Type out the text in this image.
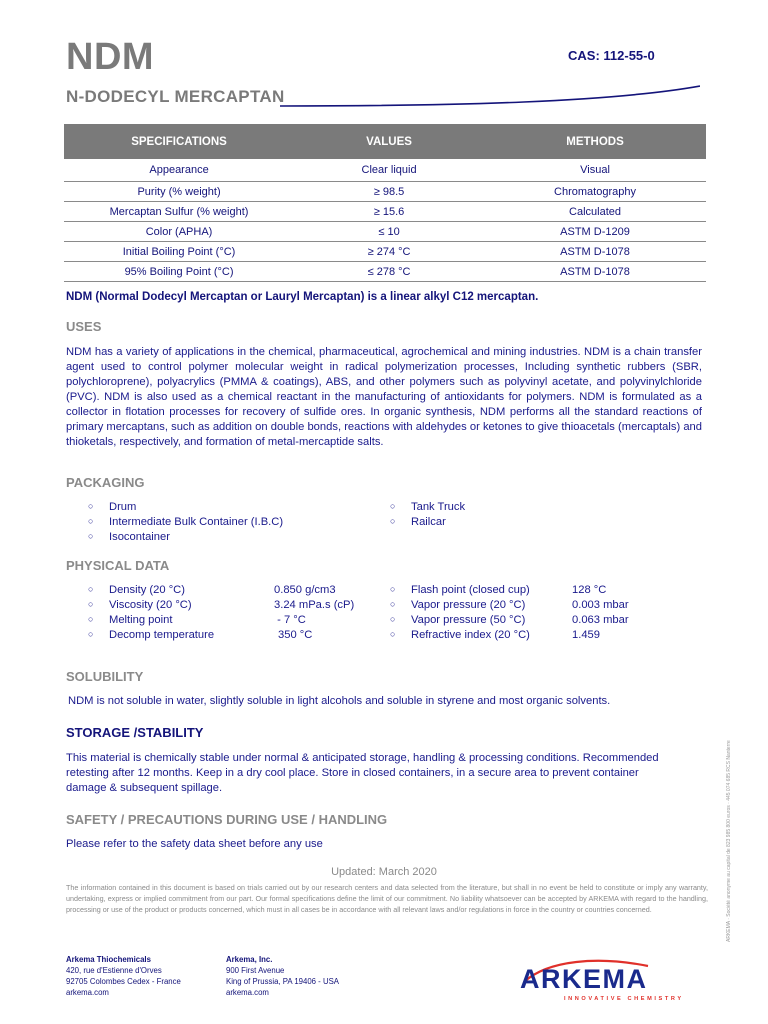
NDM	CAS: 112-55-0
N-DODECYL MERCAPTAN
SPECIFICATIONS	VALUES	METHODS
Appearance	Clear liquid	Visual
Purity (% weight)	≥ 98.5	Chromatography
Mercaptan Sulfur (% weight)	≥ 15.6	Calculated
Color (APHA)	≤ 10	ASTM D-1209
Initial Boiling Point (°C)	≥ 274 °C	ASTM D-1078
95% Boiling Point (°C)	≤ 278 °C	ASTM D-1078
NDM (Normal Dodecyl Mercaptan or Lauryl Mercaptan) is a linear alkyl C12 mercaptan.
USES
NDM has a variety of applications in the chemical, pharmaceutical, agrochemical and mining industries. NDM is a chain transfer agent used to control polymer molecular weight in radical polymerization processes, Including synthetic rubbers (SBR, polychloroprene), polyacrylics (PMMA & coatings), ABS, and other polymers such as polyvinyl acetate, and polyvinylchloride (PVC). NDM is also used as a chemical reactant in the manufacturing of antioxidants for polymers. NDM is formulated as a collector in flotation processes for recovery of sulfide ores. In organic synthesis, NDM performs all the standard reactions of primary mercaptans, such as addition on double bonds, reactions with aldehydes or ketones to give thioacetals (mercaptals) and thioketals, respectively, and formation of metal-mercaptide salts.
PACKAGING
○ Drum
○ Intermediate Bulk Container (I.B.C)
○ Isocontainer
○ Tank Truck
○ Railcar
PHYSICAL DATA
○ Density (20 °C)	0.850 g/cm3
○ Viscosity (20 °C)	3.24 mPa.s (cP)
○ Melting point	- 7 °C
○ Decomp temperature	350 °C
○ Flash point (closed cup)	128 °C
○ Vapor pressure (20 °C)	0.003 mbar
○ Vapor pressure (50 °C)	0.063 mbar
○ Refractive index (20 °C)	1.459
SOLUBILITY
NDM is not soluble in water, slightly soluble in light alcohols and soluble in styrene and most organic solvents.
STORAGE /STABILITY
This material is chemically stable under normal & anticipated storage, handling & processing conditions. Recommended retesting after 12 months. Keep in a dry cool place. Store in closed containers, in a secure area to prevent container damage & subsequent spillage.
SAFETY / PRECAUTIONS DURING USE / HANDLING
Please refer to the safety data sheet before any use
Updated: March 2020
The information contained in this document is based on trials carried out by our research centers and data selected from the literature, but shall in no event be held to constitute or imply any warranty, undertaking, express or implied commitment from our part. Our formal specifications define the limit of our commitment. No liability whatsoever can be accepted by ARKEMA with regard to the handling, processing or use of the product or products concerned, which must in all cases be in accordance with all relevant laws and/or regulations in force in the country or countries concerned.
Arkema Thiochemicals
420, rue d'Estienne d'Orves
92705 Colombes Cedex - France
arkema.com
Arkema, Inc.
900 First Avenue
King of Prussia, PA 19406 - USA
arkema.com
ARKEMA · Société anonyme au capital de 823 985 800 euros · 445 074 685 RCS Nanterre
ARKEMA
INNOVATIVE CHEMISTRY
